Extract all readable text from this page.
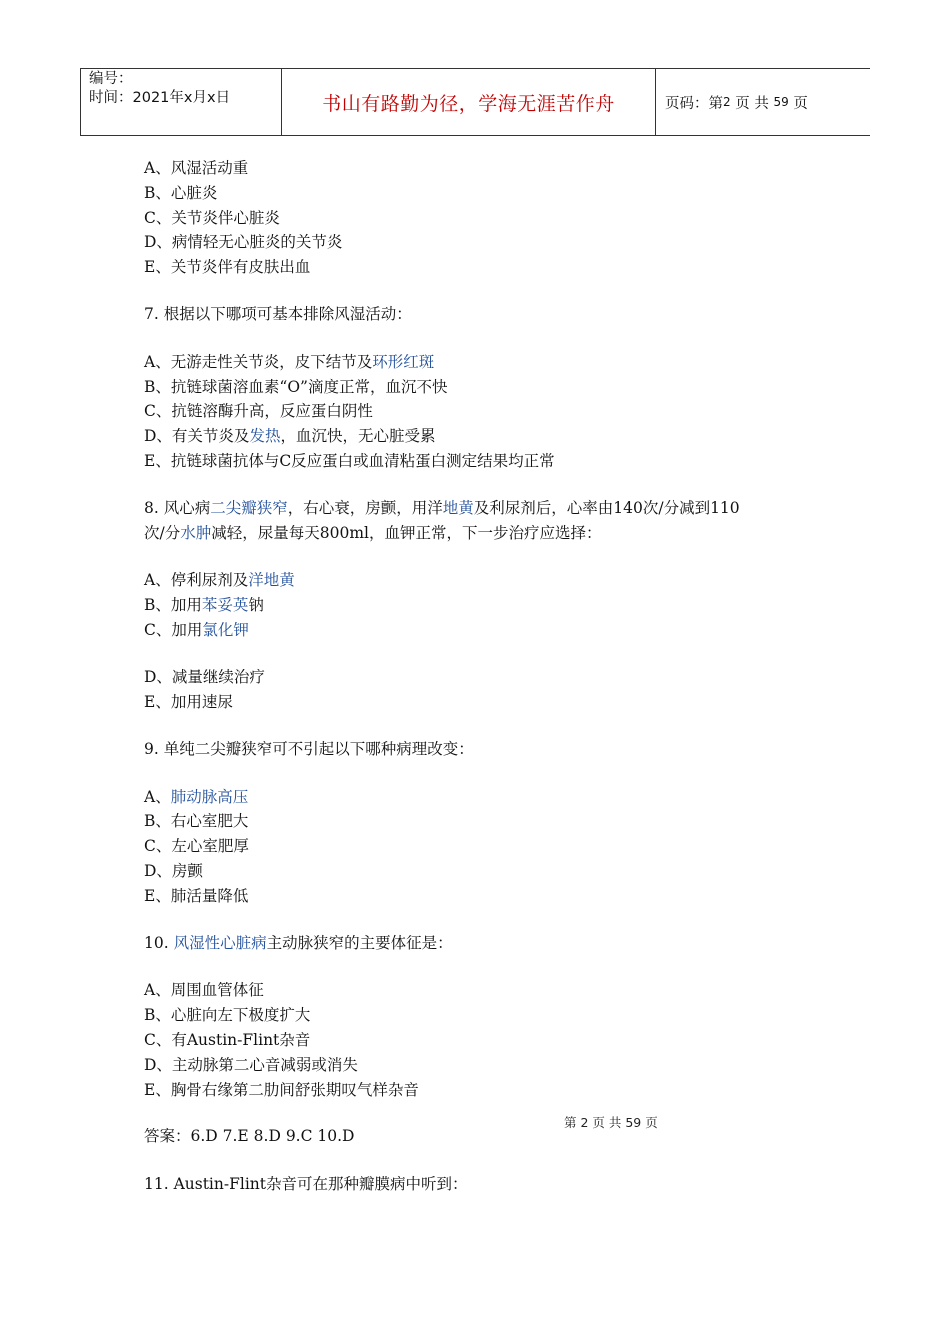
编号：
时间：2021年x月x日	书山有路勤为径，学海无涯苦作舟	页码：第 2
页 共
59
页
A、风湿活动重
B、心脏炎
C、关节炎伴心脏炎
D、病情轻无心脏炎的关节炎
E、关节炎伴有皮肤出血
7. 根据以下哪项可基本排除风湿活动：
A、无游走性关节炎，皮下结节及环形红斑
B、抗链球菌溶血素“O”滴度正常，血沉不快
C、抗链溶酶升高，反应蛋白阴性
D、有关节炎及发热，血沉快，无心脏受累
E、抗链球菌抗体与C反应蛋白或血清粘蛋白测定结果均正常
8. 风心病二尖瓣狭窄，右心衰，房颤，用洋地黄及利尿剂后，心率由140次/分减到110
次/分水肿减轻，尿量每天800ml，血钾正常，下一步治疗应选择：
A、停利尿剂及洋地黄
B、加用苯妥英钠
C、加用氯化钾
D、减量继续治疗
E、加用速尿
9. 单纯二尖瓣狭窄可不引起以下哪种病理改变：
A、肺动脉高压
B、右心室肥大
C、左心室肥厚
D、房颤
E、肺活量降低
10. 风湿性心脏病主动脉狭窄的主要体征是：
A、周围血管体征
B、心脏向左下极度扩大
C、有Austin-Flint杂音
D、主动脉第二心音减弱或消失
E、胸骨右缘第二肋间舒张期叹气样杂音
答案：6.D 7.E 8.D 9.C 10.D
11. Austin-Flint杂音可在那种瓣膜病中听到：
第 2 页 共 59 页
